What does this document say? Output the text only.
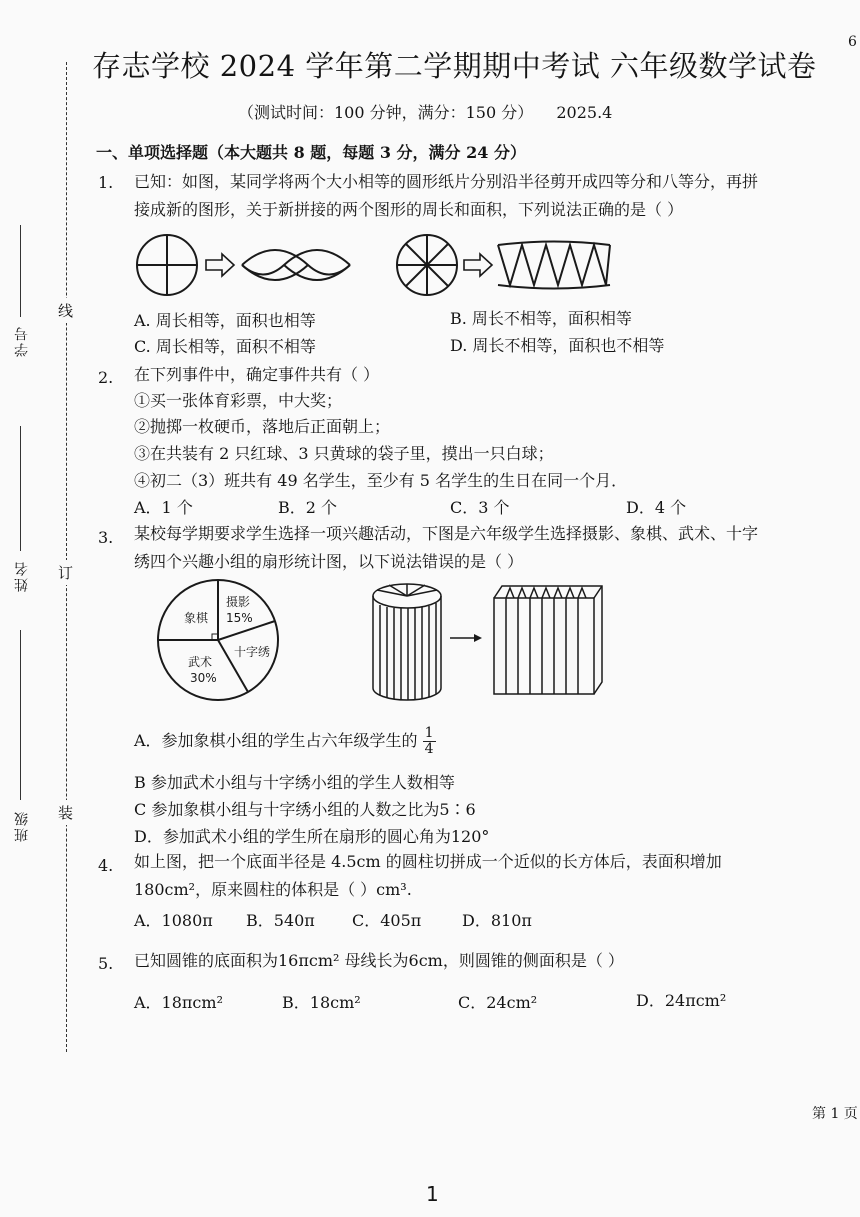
6
存志学校 2024 学年第二学期期中考试 六年级数学试卷
（测试时间：100 分钟，满分：150 分） 2025.4
线
订
装
学号
姓名
班级
一、单项选择题（本大题共 8 题，每题 3 分，满分 24 分）
1.	已知：如图，某同学将两个大小相等的圆形纸片分别沿半径剪开成四等分和八等分，再拼
接成新的图形，关于新拼接的两个图形的周长和面积，下列说法正确的是（ ）
A. 周长相等，面积也相等	B. 周长不相等，面积相等
C. 周长相等，面积不相等	D. 周长不相等，面积也不相等
2.	在下列事件中，确定事件共有（ ）
①买一张体育彩票，中大奖；
②抛掷一枚硬币，落地后正面朝上；
③在共装有 2 只红球、3 只黄球的袋子里，摸出一只白球；
④初二（3）班共有 49 名学生，至少有 5 名学生的生日在同一个月．
A．1 个	B．2 个	C．3 个	D．4 个
3.	某校每学期要求学生选择一项兴趣活动，下图是六年级学生选择摄影、象棋、武术、十字
绣四个兴趣小组的扇形统计图，以下说法错误的是（ ）
象棋
摄影
15%
十字绣
武术
30%
A．参加象棋小组的学生占六年级学生的 $\frac{1}{4}$
B 参加武术小组与十字绣小组的学生人数相等
C 参加象棋小组与十字绣小组的人数之比为5∶6
D．参加武术小组的学生所在扇形的圆心角为120°
4.	如上图，把一个底面半径是 4.5cm 的圆柱切拼成一个近似的长方体后，表面积增加
180cm²，原来圆柱的体积是（ ）cm³.
A．1080π B．540π C．405π	D．810π
5.	已知圆锥的底面积为16πcm² 母线长为6cm，则圆锥的侧面积是（ ）
A．18πcm²	B．18cm²	C．24cm²	D．24πcm²
第 1 页
1
